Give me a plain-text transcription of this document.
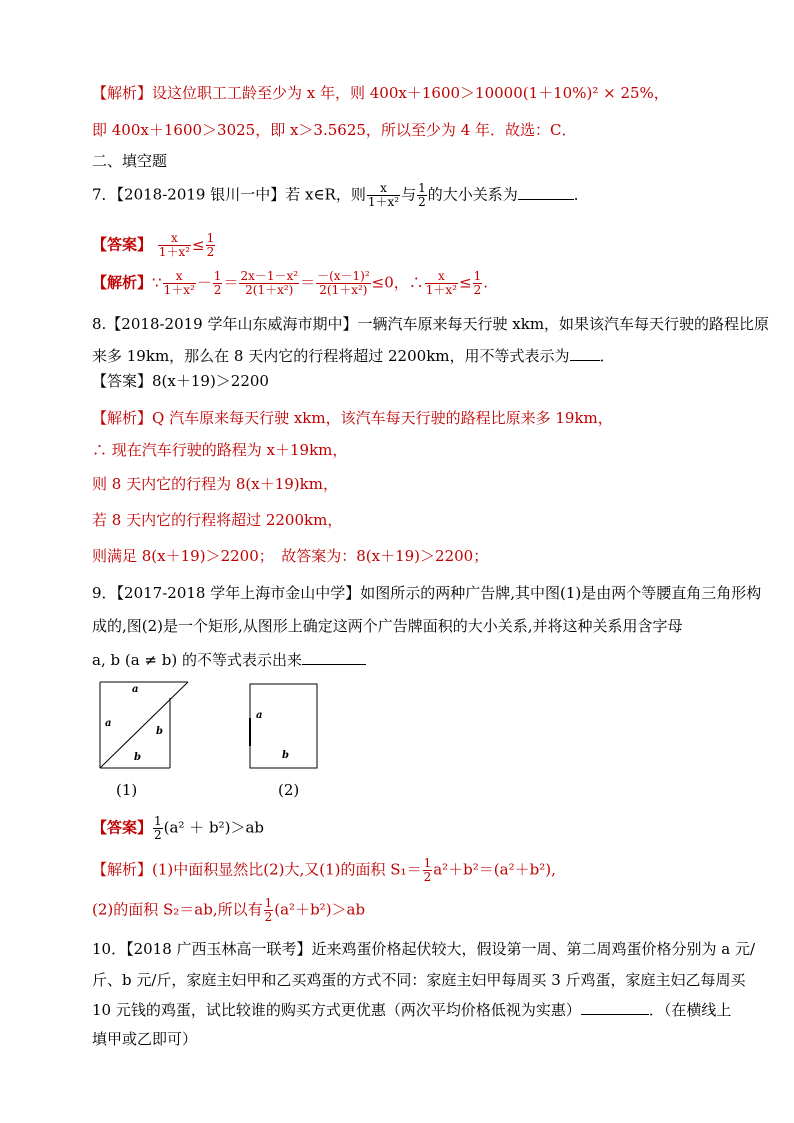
【解析】设这位职工工龄至少为 x 年，则 400x＋1600＞10000(1＋10%)² × 25%，
即 400x＋1600＞3025，即 x＞3.5625，所以至少为 4 年．故选：C．
二、填空题
7．【2018-2019 银川一中】若 x∈R，则 $\frac{x}{\text{1＋x²}}$ 与 $\frac{1}{2}$ 的大小关系为	．
【答案】 $\frac{x}{\text{1＋x²}} \le \frac{1}{2}$
【解析】∵ $\frac{x}{\text{1＋x²}} - \frac{1}{2} = \frac{\text{2x－1－x²}}{\text{2(1＋x²)}} = \frac{\text{－(x－1)²}}{\text{2(1＋x²)}} \le 0$，∴ $\frac{x}{\text{1＋x²}} \le \frac{1}{2}$ .
8.【2018-2019 学年山东威海市期中】一辆汽车原来每天行驶 xkm，如果该汽车每天行驶的路程比原
来多 19km，那么在 8 天内它的行程将超过 2200km，用不等式表示为 ．
【答案】8(x＋19)＞2200
【解析】Q 汽车原来每天行驶 xkm，该汽车每天行驶的路程比原来多 19km，
∴ 现在汽车行驶的路程为 x＋19km，
则 8 天内它的行程为 8(x＋19)km，
若 8 天内它的行程将超过 2200km，
则满足 8(x＋19)＞2200；　故答案为：8(x＋19)＞2200；
9．【2017-2018 学年上海市金山中学】如图所示的两种广告牌,其中图(1)是由两个等腰直角三角形构
成的,图(2)是一个矩形,从图形上确定这两个广告牌面积的大小关系,并将这种关系用含字母
a, b (a ≠ b) 的不等式表示出来
a
a
b
b
a
b
(1)	(2)
【答案】 $\frac{1}{2} (a^2 + b^2)>ab$
【解析】(1)中面积显然比(2)大,又(1)的面积 $S_1= \frac{1}{2} a^2+b^2=(a^2+b^2)$,
(2)的面积 S₂＝ab,所以有 $\frac{1}{2} (a^2+b^2)>ab$
10．【2018 广西玉林高一联考】近来鸡蛋价格起伏较大，假设第一周、第二周鸡蛋价格分别为 a 元/
斤、b 元/斤，家庭主妇甲和乙买鸡蛋的方式不同：家庭主妇甲每周买 3 斤鸡蛋，家庭主妇乙每周买
10 元钱的鸡蛋，试比较谁的购买方式更优惠（两次平均价格低视为实惠）	．（在横线上
填甲或乙即可）
